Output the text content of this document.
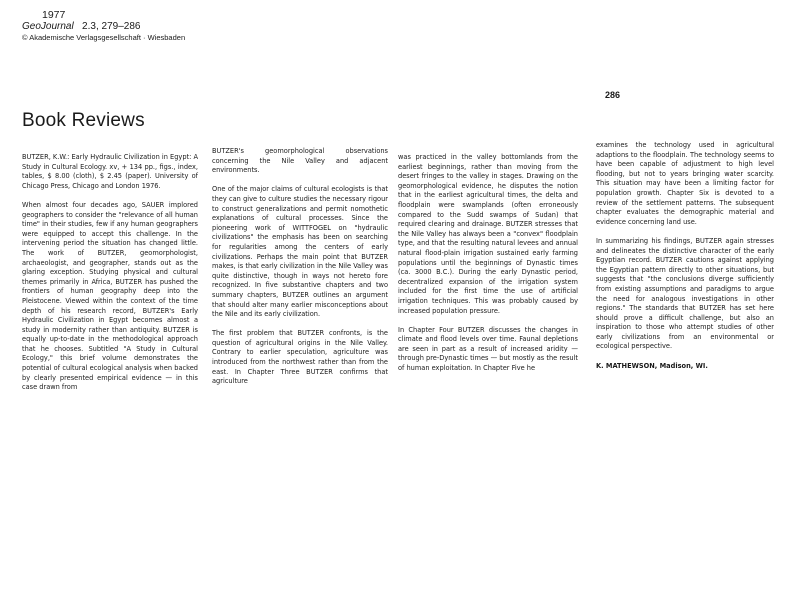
1977
GeoJournal 2.3, 279–286
© Akademische Verlagsgesellschaft · Wiesbaden
286
Book Reviews

BUTZER, K.W.: Early Hydraulic Civilization in Egypt: A Study in Cultural Ecology. xv, + 134 pp., figs., index, tables, $ 8.00 (cloth), $ 2.45 (paper). University of Chicago Press, Chicago and London 1976.

When almost four decades ago, SAUER implored geographers to consider the "relevance of all human time" in their studies, few if any human geographers were equipped to accept this challenge. In the intervening period the situation has changed little. The work of BUTZER, geomorphologist, archaeologist, and geographer, stands out as the glaring exception. Studying physical and cultural themes primarily in Africa, BUTZER has pushed the frontiers of human geography deep into the Pleistocene. Viewed within the context of the time depth of his research record, BUTZER's Early Hydraulic Civilization in Egypt becomes almost a study in modernity rather than antiquity. BUTZER is equally up-to-date in the methodological approach that he chooses. Subtitled "A Study in Cultural Ecology," this brief volume demonstrates the potential of cultural ecological analysis when backed by clearly presented empirical evidence — in this case drawn from

BUTZER's geomorphological observations concerning the Nile Valley and adjacent environments.

One of the major claims of cultural ecologists is that they can give to culture studies the necessary rigour to construct generalizations and permit nomothetic explanations of cultural processes. Since the pioneering work of WITTFOGEL on "hydraulic civilizations" the emphasis has been on searching for regularities among the centers of early civilizations. Perhaps the main point that BUTZER makes, is that early civilization in the Nile Valley was quite distinctive, though in ways not hereto fore recognized. In five substantive chapters and two summary chapters, BUTZER outlines an argument that should alter many earlier misconceptions about the Nile and its early civilization.

The first problem that BUTZER confronts, is the question of agricultural origins in the Nile Valley. Contrary to earlier speculation, agriculture was introduced from the northwest rather than from the east. In Chapter Three BUTZER confirms that agriculture

was practiced in the valley bottomlands from the earliest beginnings, rather than moving from the desert fringes to the valley in stages. Drawing on the geomorphological evidence, he disputes the notion that in the earliest agricultural times, the delta and floodplain were swamplands (often erroneously compared to the Sudd swamps of Sudan) that required clearing and drainage. BUTZER stresses that the Nile Valley has always been a "convex" floodplain type, and that the resulting natural levees and annual natural flood-plain irrigation sustained early farming populations until the beginnings of Dynastic times (ca. 3000 B.C.). During the early Dynastic period, decentralized expansion of the irrigation system included for the first time the use of artificial irrigation techniques. This was probably caused by increased population pressure.

In Chapter Four BUTZER discusses the changes in climate and flood levels over time. Faunal depletions are seen in part as a result of increased aridity — through pre-Dynastic times — but mostly as the result of human exploitation. In Chapter Five he

examines the technology used in agricultural adaptions to the floodplain. The technology seems to have been capable of adjustment to high level flooding, but not to years bringing water scarcity. This situation may have been a limiting factor for population growth. Chapter Six is devoted to a review of the settlement patterns. The subsequent chapter evaluates the demographic material and evidence concerning land use.

In summarizing his findings, BUTZER again stresses and delineates the distinctive character of the early Egyptian record. BUTZER cautions against applying the Egyptian pattern directly to other situations, but suggests that "the conclusions diverge sufficiently from existing assumptions and paradigms to argue the need for analogous investigations in other regions." The standards that BUTZER has set here should prove a difficult challenge, but also an inspiration to those who attempt studies of other early civilizations from an environmental or ecological perspective.

K. MATHEWSON, Madison, WI.
